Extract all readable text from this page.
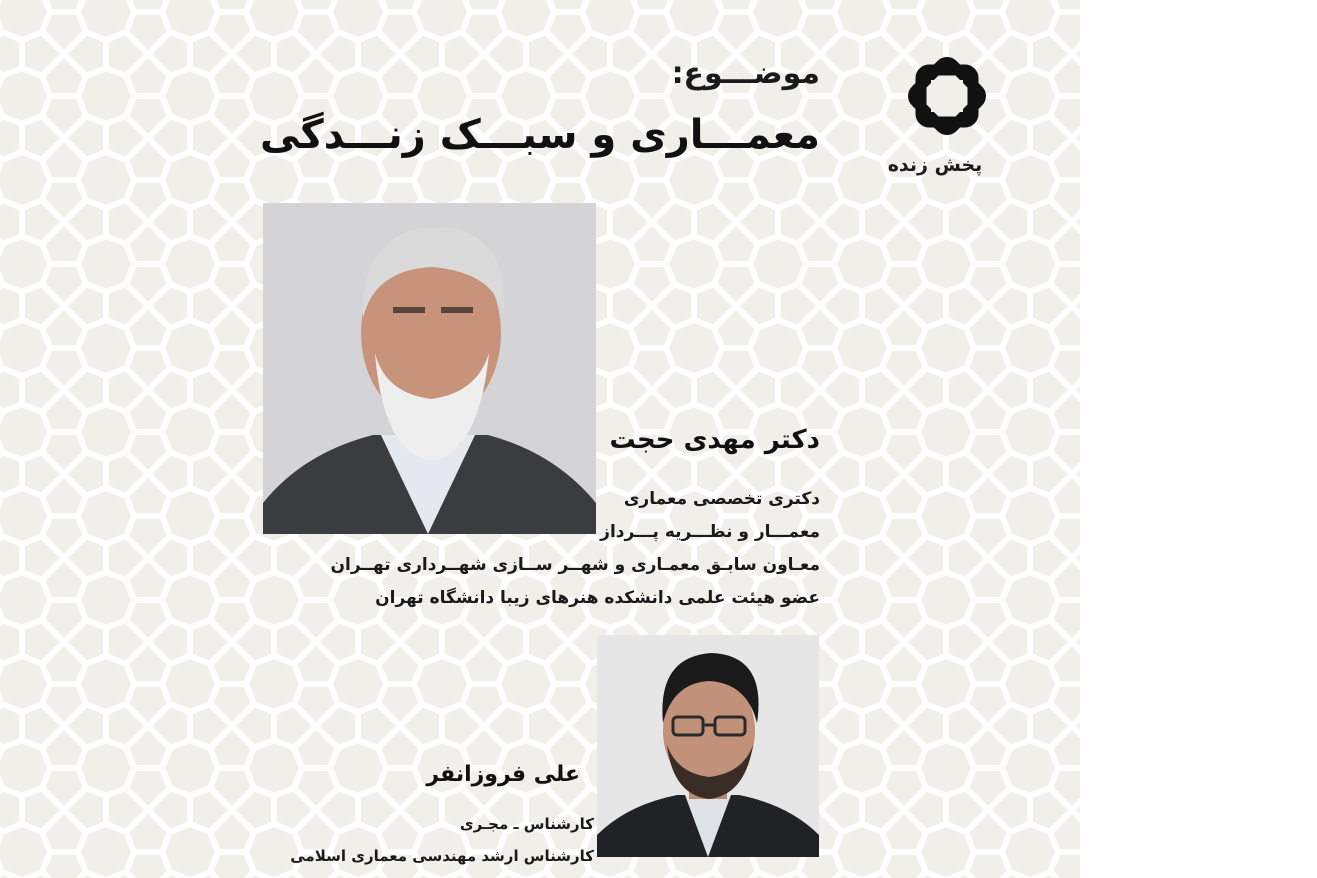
پخش زنده
موضـــوع:
معمـــاری و سبـــک زنـــدگی
دکتر مهدی حجت
دکتری تخصصی معماری
معمـــار و نظـــریه پـــرداز
معـاون سابـق معمـاری و شهــر ســازی شهــرداری تهــران
عضو هیئت علمی دانشکده هنرهای زیبا دانشگاه تهران
علی فروزانفر
کارشناس ـ مجـری
کارشناس ارشد مهندسی معماری اسلامی
